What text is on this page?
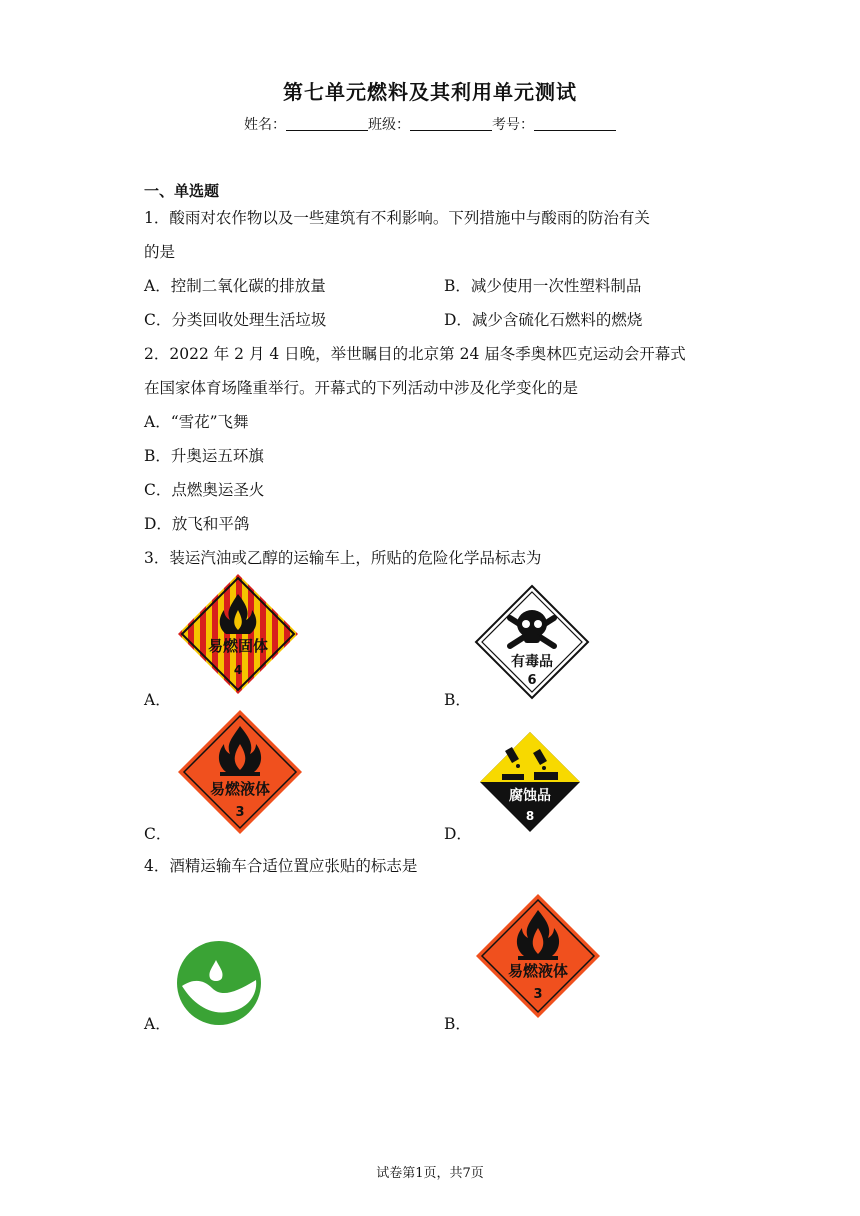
第七单元燃料及其利用单元测试
姓名：	班级：	考号：
一、单选题
1．酸雨对农作物以及一些建筑有不利影响。下列措施中与酸雨的防治有关
的是
A．控制二氧化碳的排放量	B．减少使用一次性塑料制品
C．分类回收处理生活垃圾	D．减少含硫化石燃料的燃烧
2．2022 年 2 月 4 日晚，举世瞩目的北京第 24 届冬季奥林匹克运动会开幕式
在国家体育场隆重举行。开幕式的下列活动中涉及化学变化的是
A．“雪花”飞舞
B．升奥运五环旗
C．点燃奥运圣火
D．放飞和平鸽
3．装运汽油或乙醇的运输车上，所贴的危险化学品标志为
易燃固体
4
A．
有毒品
6
B．
易燃液体
3
C．
腐蚀品
8
D．
4．酒精运输车合适位置应张贴的标志是
A．
易燃液体
3
B．
试卷第1页，共7页
